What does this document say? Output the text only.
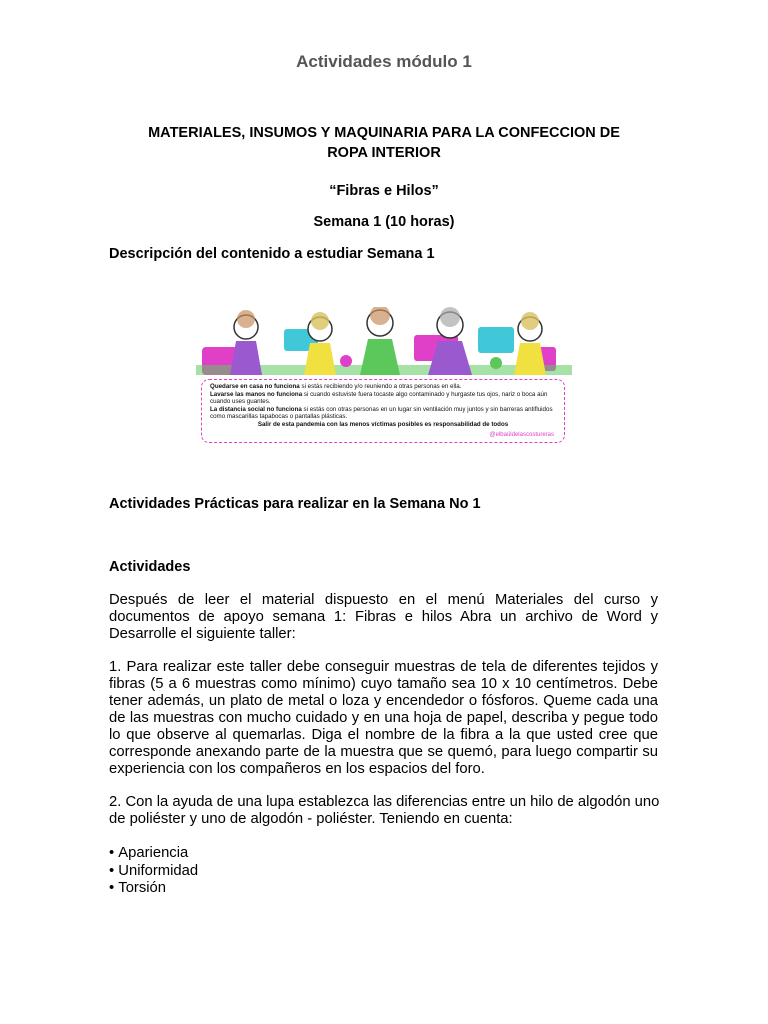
Actividades módulo 1
MATERIALES, INSUMOS Y MAQUINARIA PARA LA CONFECCION DE
ROPA INTERIOR
“Fibras e Hilos”
Semana 1 (10 horas)
Descripción del contenido a estudiar Semana 1
Quedarse en casa no funciona si estás recibiendo y/o reuniendo a otras personas en ella.
Lavarse las manos no funciona si cuando estuviste fuera tocaste algo contaminado y hurgaste tus ojos, nariz o boca aún cuando uses guantes.
La distancia social no funciona si estás con otras personas en un lugar sin ventilación muy juntos y sin barreras antifluidos como mascarillas tapabocas o pantallas plásticas.
Salir de esta pandemia con las menos víctimas posibles es responsabilidad de todos
@elbaúldelascostureras
Actividades Prácticas para realizar en la Semana No 1
Actividades
Después de leer el material dispuesto en el menú Materiales del curso y documentos de apoyo semana 1: Fibras e hilos Abra un archivo de Word y Desarrolle el siguiente taller:
1. Para realizar este taller debe conseguir muestras de tela de diferentes tejidos y fibras (5 a 6 muestras como mínimo) cuyo tamaño sea 10 x 10 centímetros. Debe tener además, un plato de metal o loza y encendedor o fósforos. Queme cada una de las muestras con mucho cuidado y en una hoja de papel, describa y pegue todo lo que observe al quemarlas. Diga el nombre de la fibra a la que usted cree que corresponde anexando parte de la muestra que se quemó, para luego compartir su experiencia con los compañeros en los espacios del foro.
2. Con la ayuda de una lupa establezca las diferencias entre un hilo de algodón uno de poliéster y uno de algodón - poliéster. Teniendo en cuenta:
• Apariencia
• Uniformidad
• Torsión
